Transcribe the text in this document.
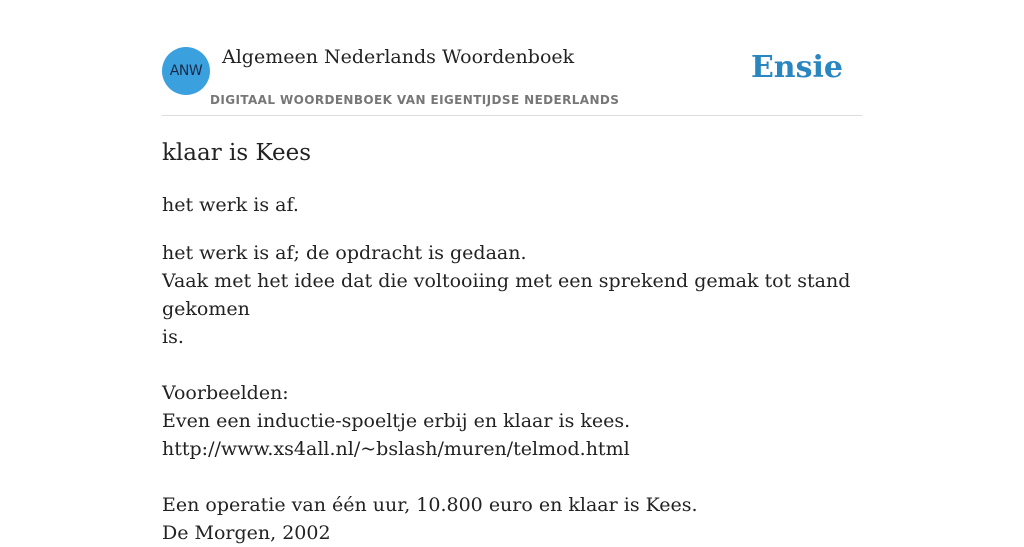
ANW
Algemeen Nederlands Woordenboek
DIGITAAL WOORDENBOEK VAN EIGENTIJDSE NEDERLANDS
Ensie
klaar is Kees
het werk is af.
het werk is af; de opdracht is gedaan.
Vaak met het idee dat die voltooiing met een sprekend gemak tot stand gekomen
is.
Voorbeelden:
Even een inductie-spoeltje erbij en klaar is kees.
http://www.xs4all.nl/~bslash/muren/telmod.html
Een operatie van één uur, 10.800 euro en klaar is Kees.
De Morgen, 2002
